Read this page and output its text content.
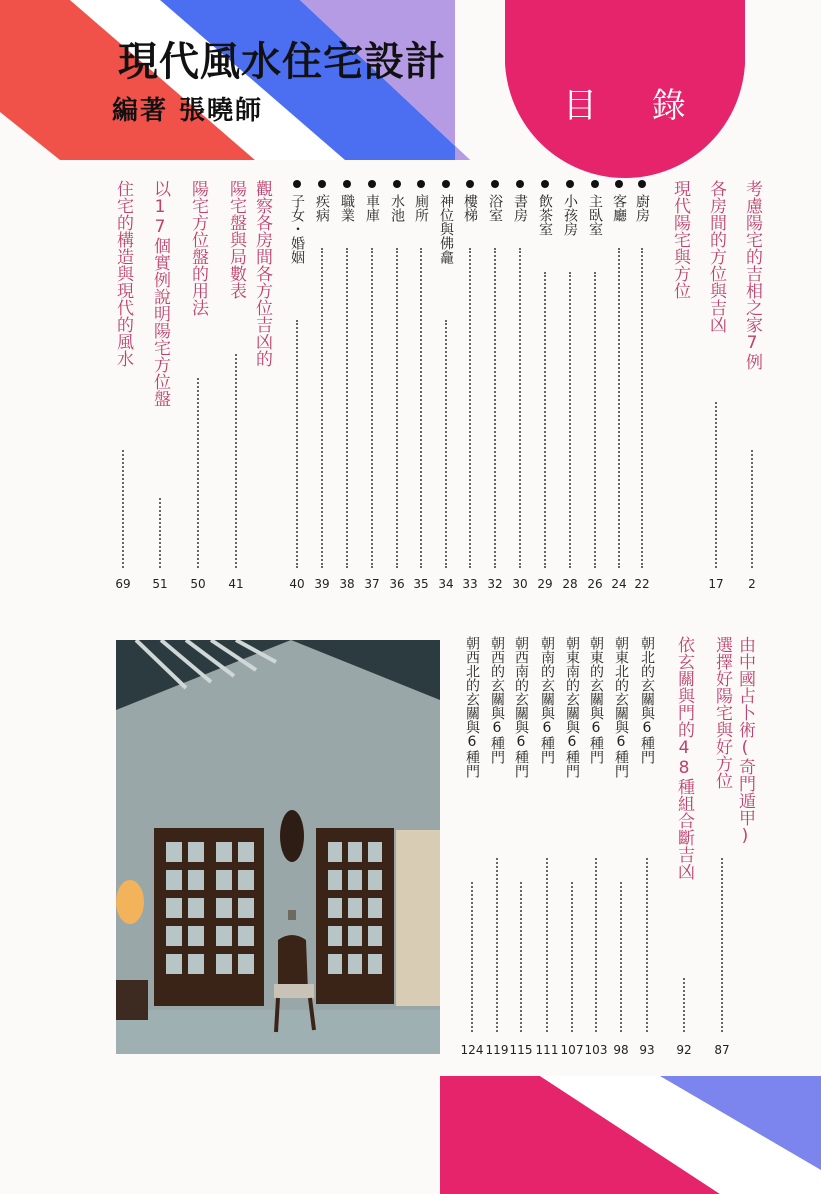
現代風水住宅設計
編著 張曉師	目 錄
考慮陽宅的吉相之家7例
2
各房間的方位與吉凶
17
現代陽宅與方位
廚房
22
客廳
24
主臥室
26
小孩房
28
飲茶室
29
書房
30
浴室
32
樓梯
33
神位與佛龕
34
廁所
35
水池
36
車庫
37
職業
38
疾病
39
子女・婚姻
40
觀察各房間各方位吉凶的
陽宅盤與局數表
41
陽宅方位盤的用法
50
以17個實例說明陽宅方位盤
51
住宅的構造與現代的風水
69
由中國占卜術(奇門遁甲)
選擇好陽宅與好方位
87
依玄關與門的48種組合斷吉凶
92
朝北的玄關與6種門
93
朝東北的玄關與6種門
98
朝東的玄關與6種門
103
朝東南的玄關與6種門
107
朝南的玄關與6種門
111
朝西南的玄關與6種門
115
朝西的玄關與6種門
119
朝西北的玄關與6種門
124
